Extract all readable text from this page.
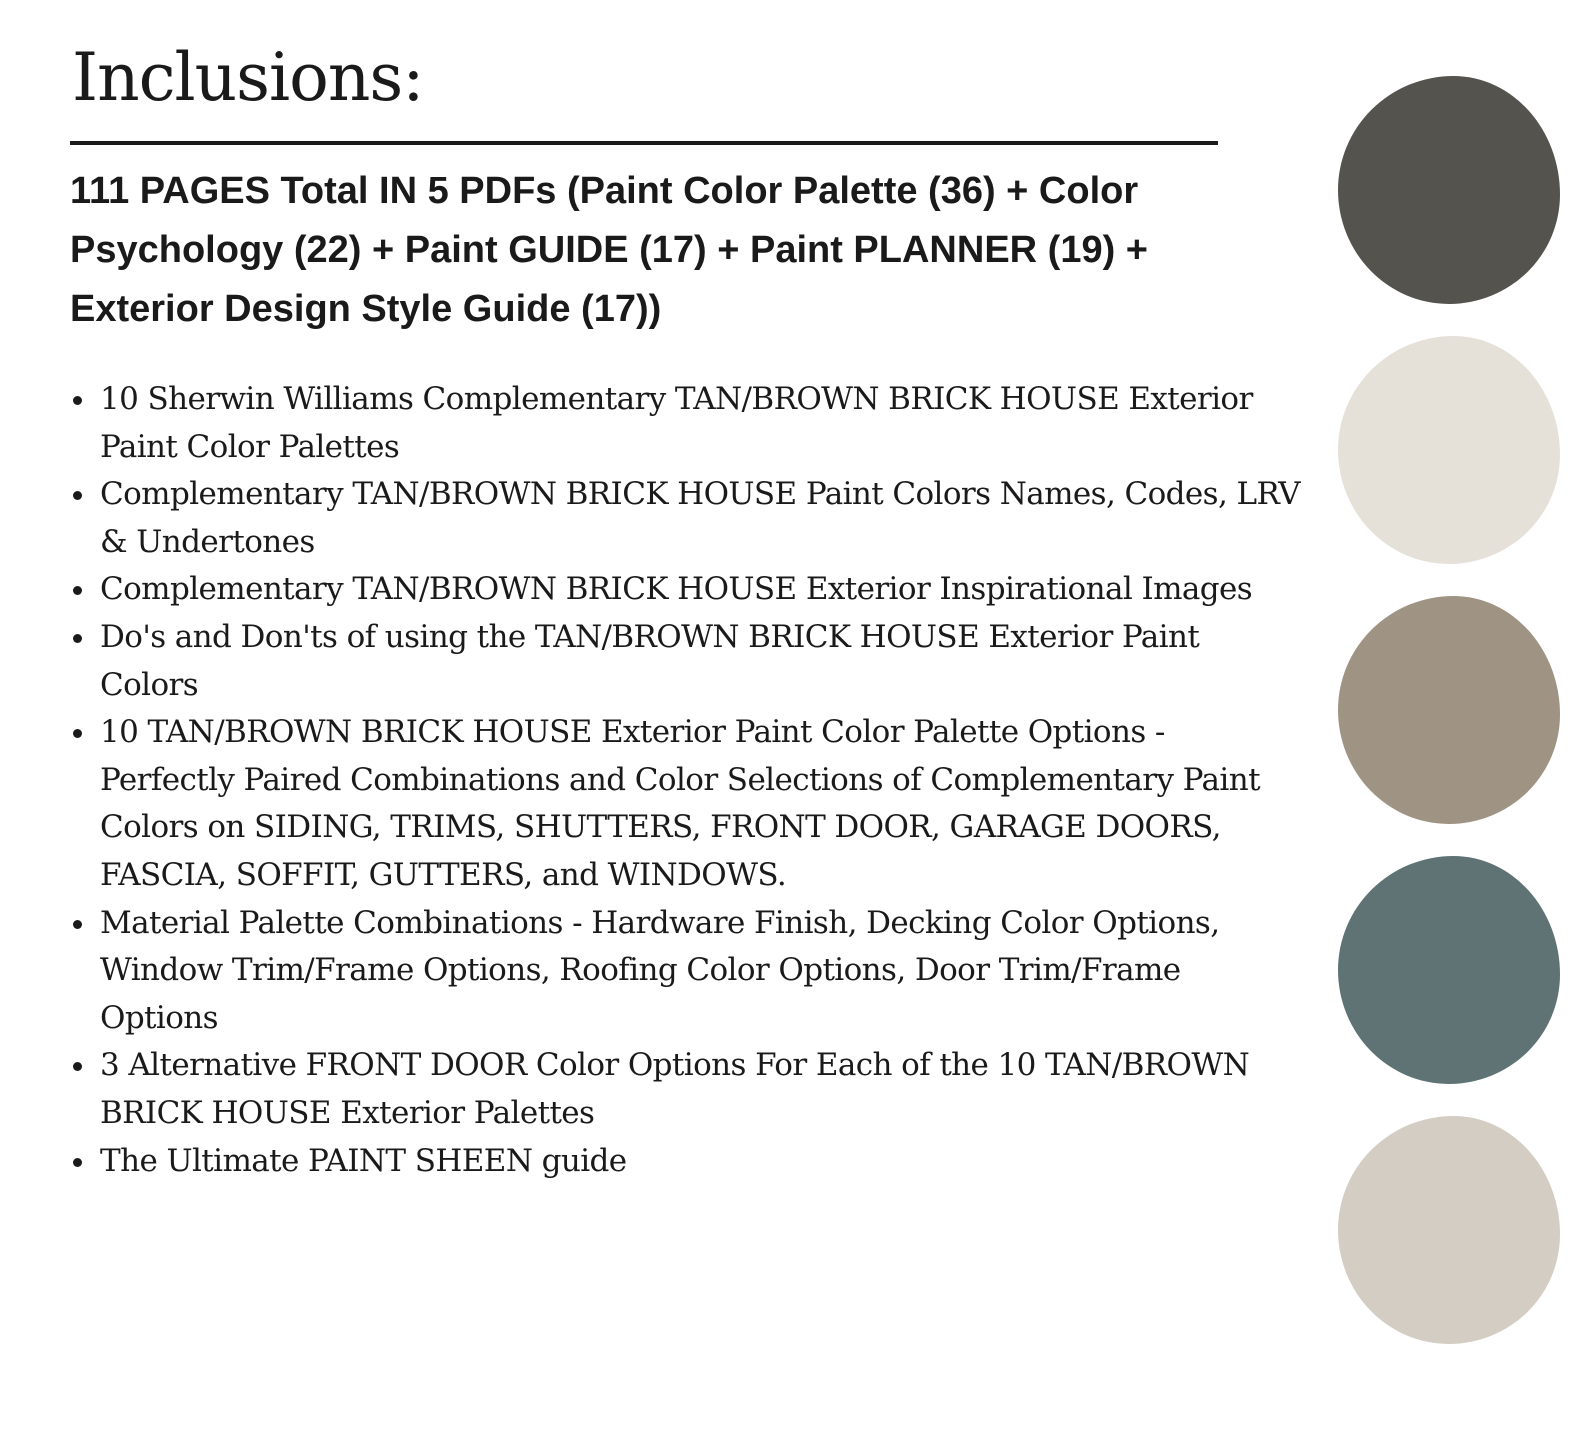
Inclusions:

111 PAGES Total IN 5 PDFs (Paint Color Palette (36) + Color Psychology (22) + Paint GUIDE (17) + Paint PLANNER (19) + Exterior Design Style Guide (17))

10 Sherwin Williams Complementary TAN/BROWN BRICK HOUSE Exterior Paint Color Palettes
Complementary TAN/BROWN BRICK HOUSE Paint Colors Names, Codes, LRV & Undertones
Complementary TAN/BROWN BRICK HOUSE Exterior Inspirational Images
Do's and Don'ts of using the TAN/BROWN BRICK HOUSE Exterior Paint Colors
10 TAN/BROWN BRICK HOUSE Exterior Paint Color Palette Options - Perfectly Paired Combinations and Color Selections of Complementary Paint Colors on SIDING, TRIMS, SHUTTERS, FRONT DOOR, GARAGE DOORS, FASCIA, SOFFIT, GUTTERS, and WINDOWS.
Material Palette Combinations - Hardware Finish, Decking Color Options, Window Trim/Frame Options, Roofing Color Options, Door Trim/Frame Options
3 Alternative FRONT DOOR Color Options For Each of the 10 TAN/BROWN BRICK HOUSE Exterior Palettes
The Ultimate PAINT SHEEN guide
